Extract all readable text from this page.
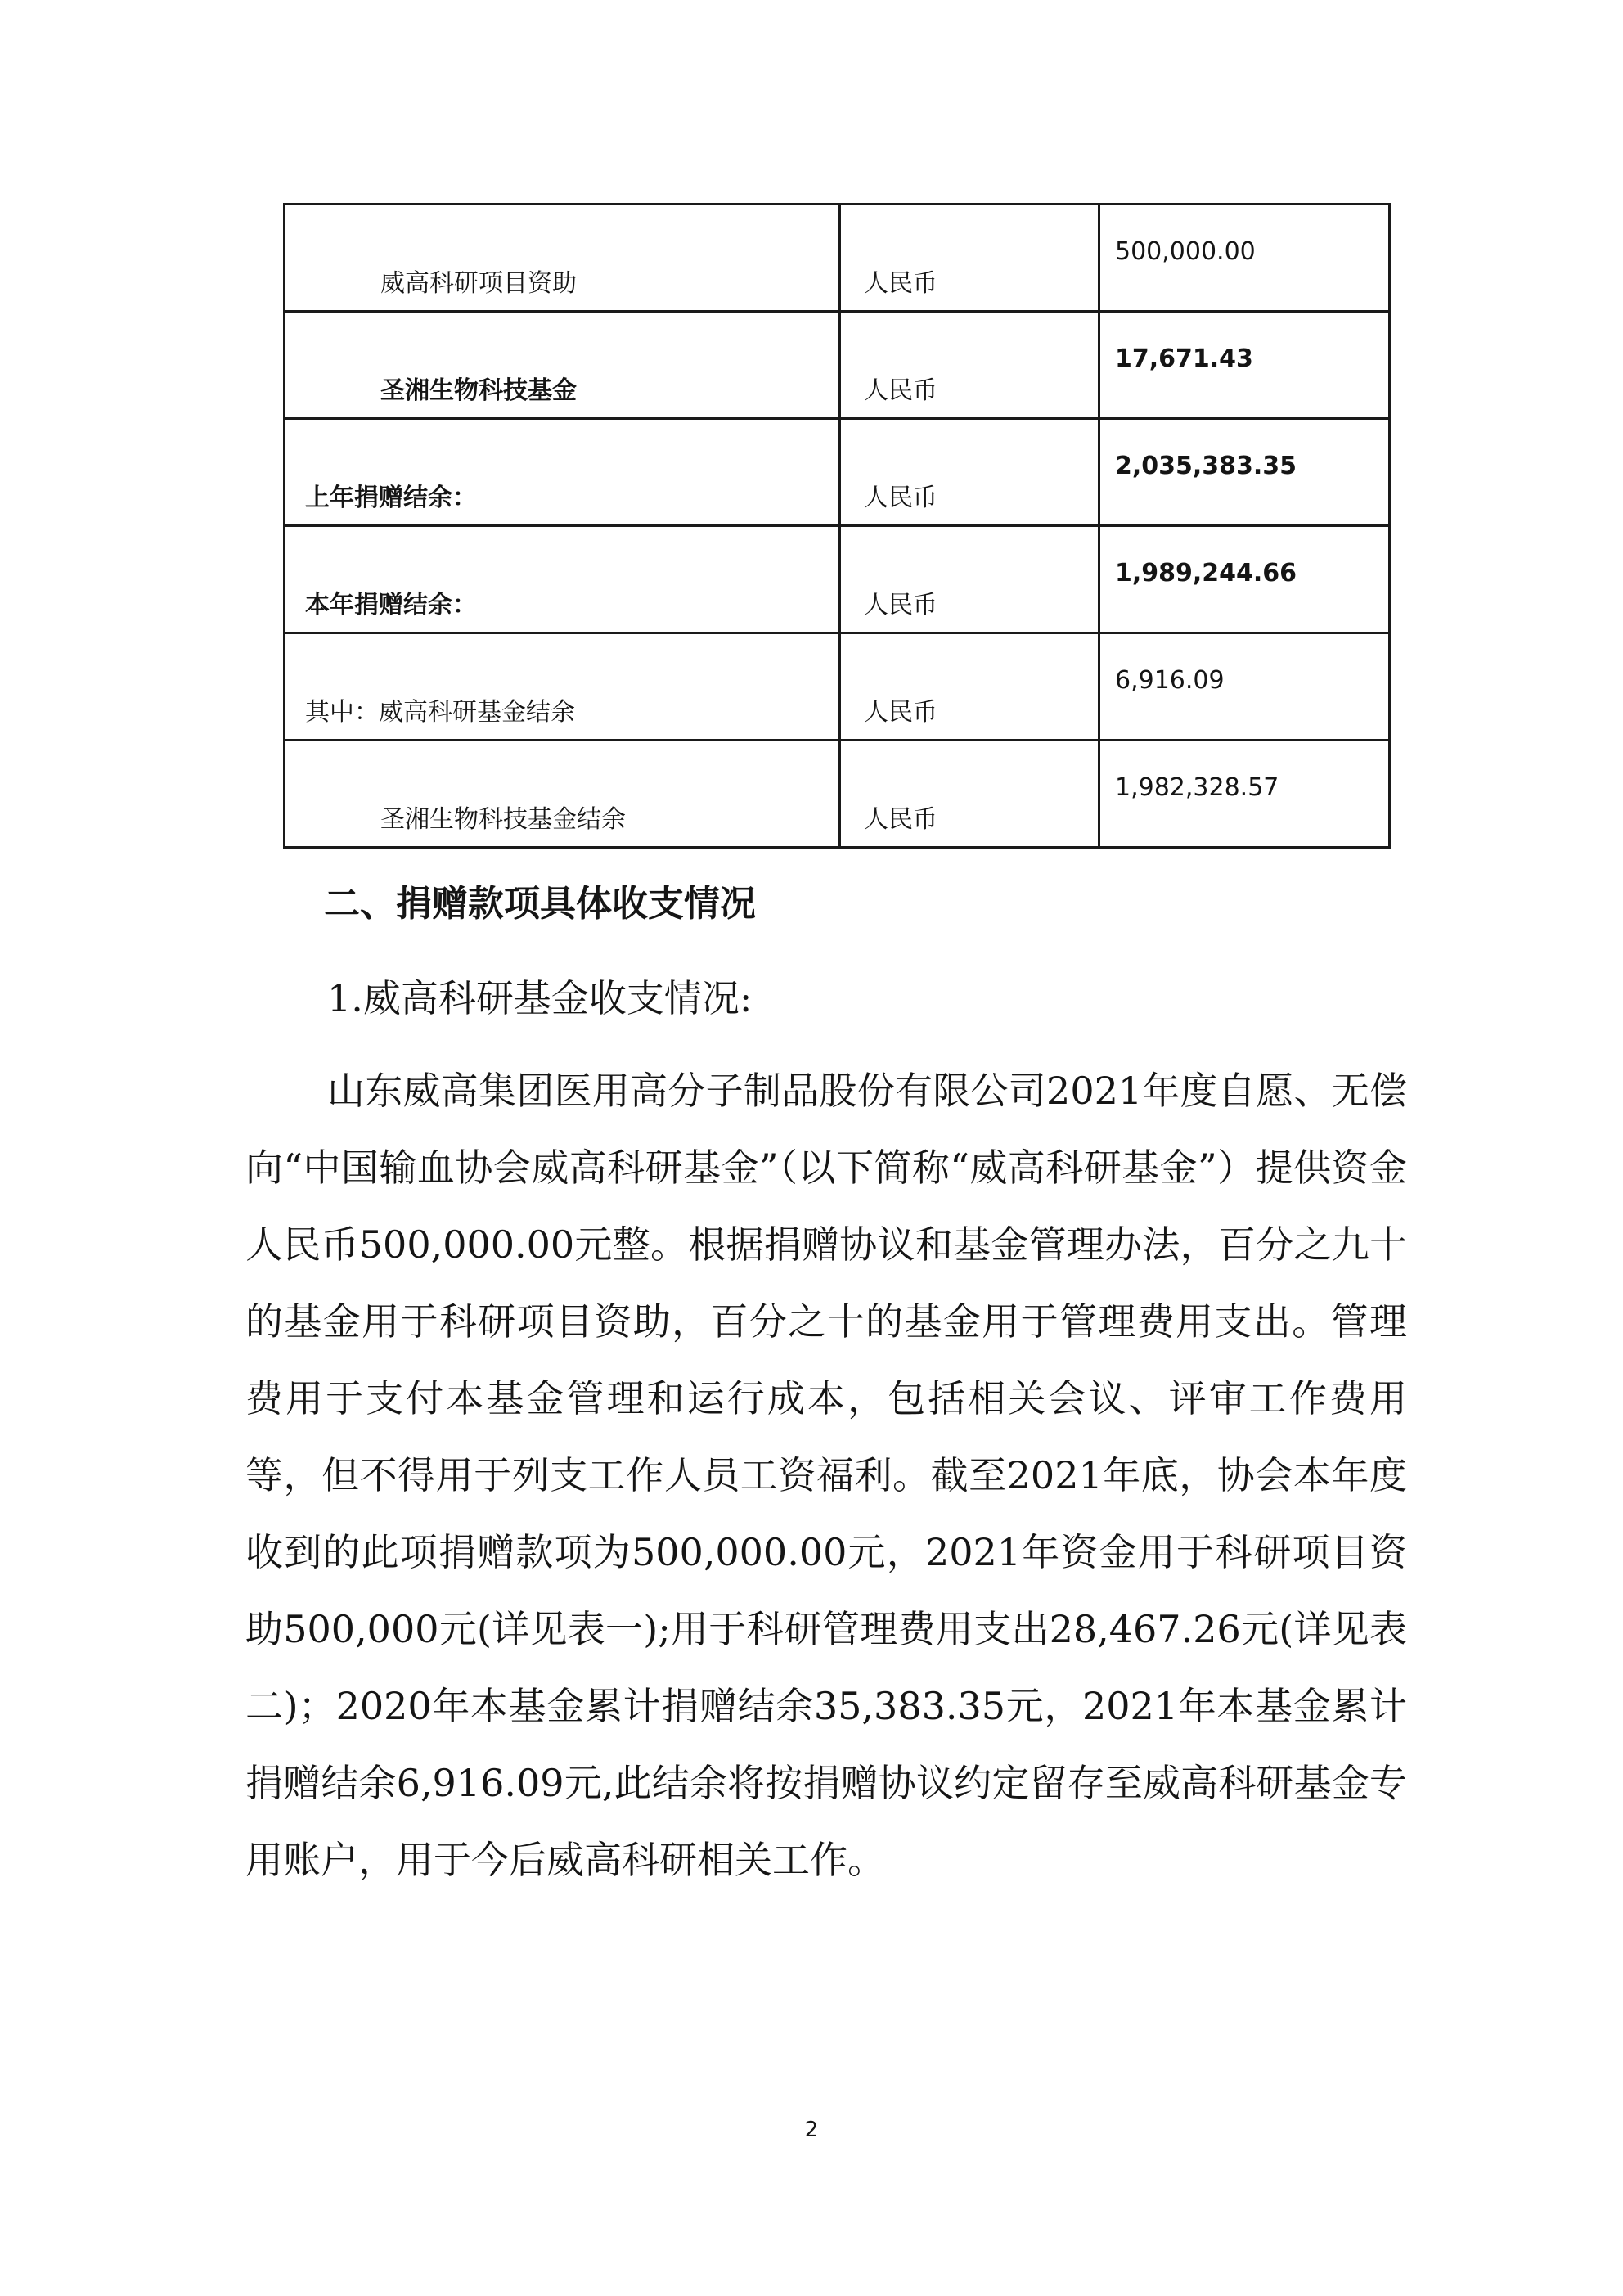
威高科研项目资助	人民币	500,000.00
圣湘生物科技基金	人民币	17,671.43
上年捐赠结余：	人民币	2,035,383.35
本年捐赠结余：	人民币	1,989,244.66
其中：威高科研基金结余	人民币	6,916.09
圣湘生物科技基金结余	人民币	1,982,328.57
二、捐赠款项具体收支情况

1.威高科研基金收支情况:

山东威高集团医用高分子制品股份有限公司2021年度自愿、无偿向“中国输血协会威高科研基金”（以下简称“威高科研基金”）提供资金人民币500,000.00元整。根据捐赠协议和基金管理办法，百分之九十的基金用于科研项目资助，百分之十的基金用于管理费用支出。管理费用于支付本基金管理和运行成本，包括相关会议、评审工作费用等，但不得用于列支工作人员工资福利。截至2021年底，协会本年度收到的此项捐赠款项为500,000.00元，2021年资金用于科研项目资助500,000元(详见表一);用于科研管理费用支出28,467.26元(详见表二)；2020年本基金累计捐赠结余35,383.35元，2021年本基金累计捐赠结余6,916.09元,此结余将按捐赠协议约定留存至威高科研基金专用账户，用于今后威高科研相关工作。

2
